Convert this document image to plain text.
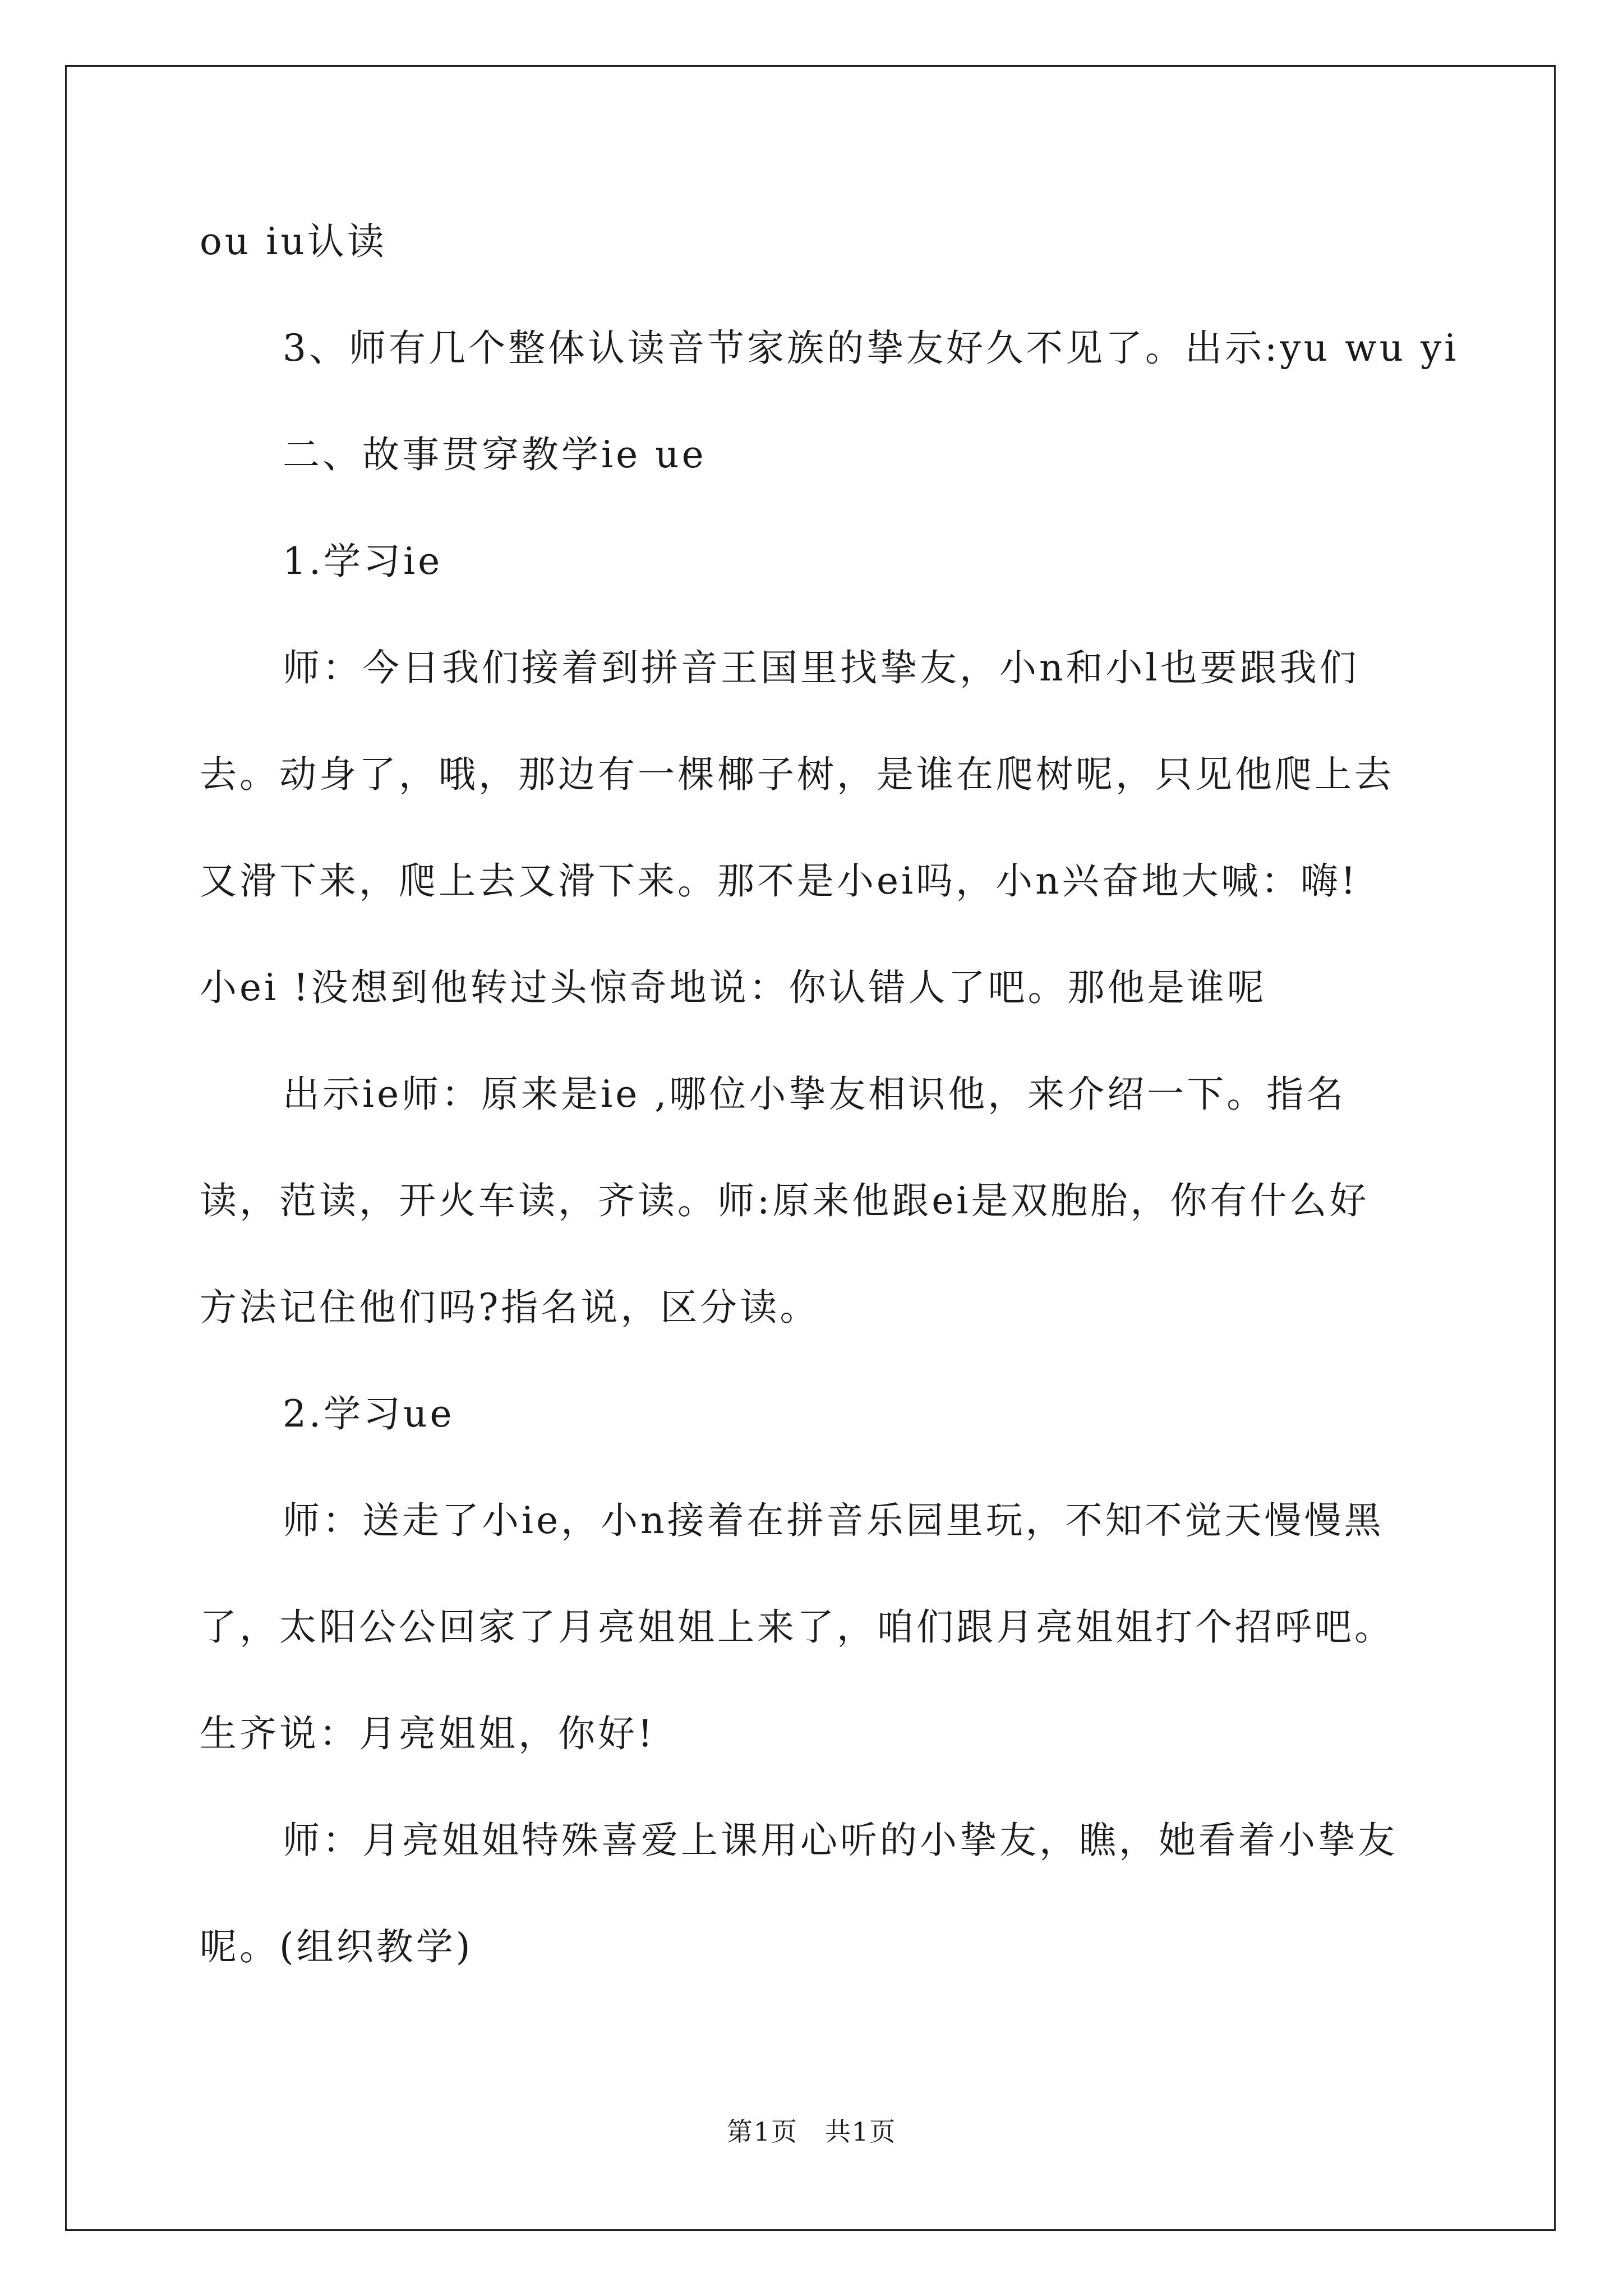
ou iu认读
3、师有几个整体认读音节家族的挚友好久不见了。出示:yu wu yi
二、故事贯穿教学ie ue
1.学习ie
师：今日我们接着到拼音王国里找挚友，小n和小l也要跟我们
去。动身了，哦，那边有一棵椰子树，是谁在爬树呢，只见他爬上去
又滑下来，爬上去又滑下来。那不是小ei吗，小n兴奋地大喊：嗨!
小ei !没想到他转过头惊奇地说：你认错人了吧。那他是谁呢
出示ie师：原来是ie ,哪位小挚友相识他，来介绍一下。指名
读，范读，开火车读，齐读。师:原来他跟ei是双胞胎，你有什么好
方法记住他们吗?指名说，区分读。
2.学习ue
师：送走了小ie，小n接着在拼音乐园里玩，不知不觉天慢慢黑
了，太阳公公回家了月亮姐姐上来了，咱们跟月亮姐姐打个招呼吧。
生齐说：月亮姐姐，你好!
师：月亮姐姐特殊喜爱上课用心听的小挚友，瞧，她看着小挚友
呢。(组织教学)
第1页　共1页
